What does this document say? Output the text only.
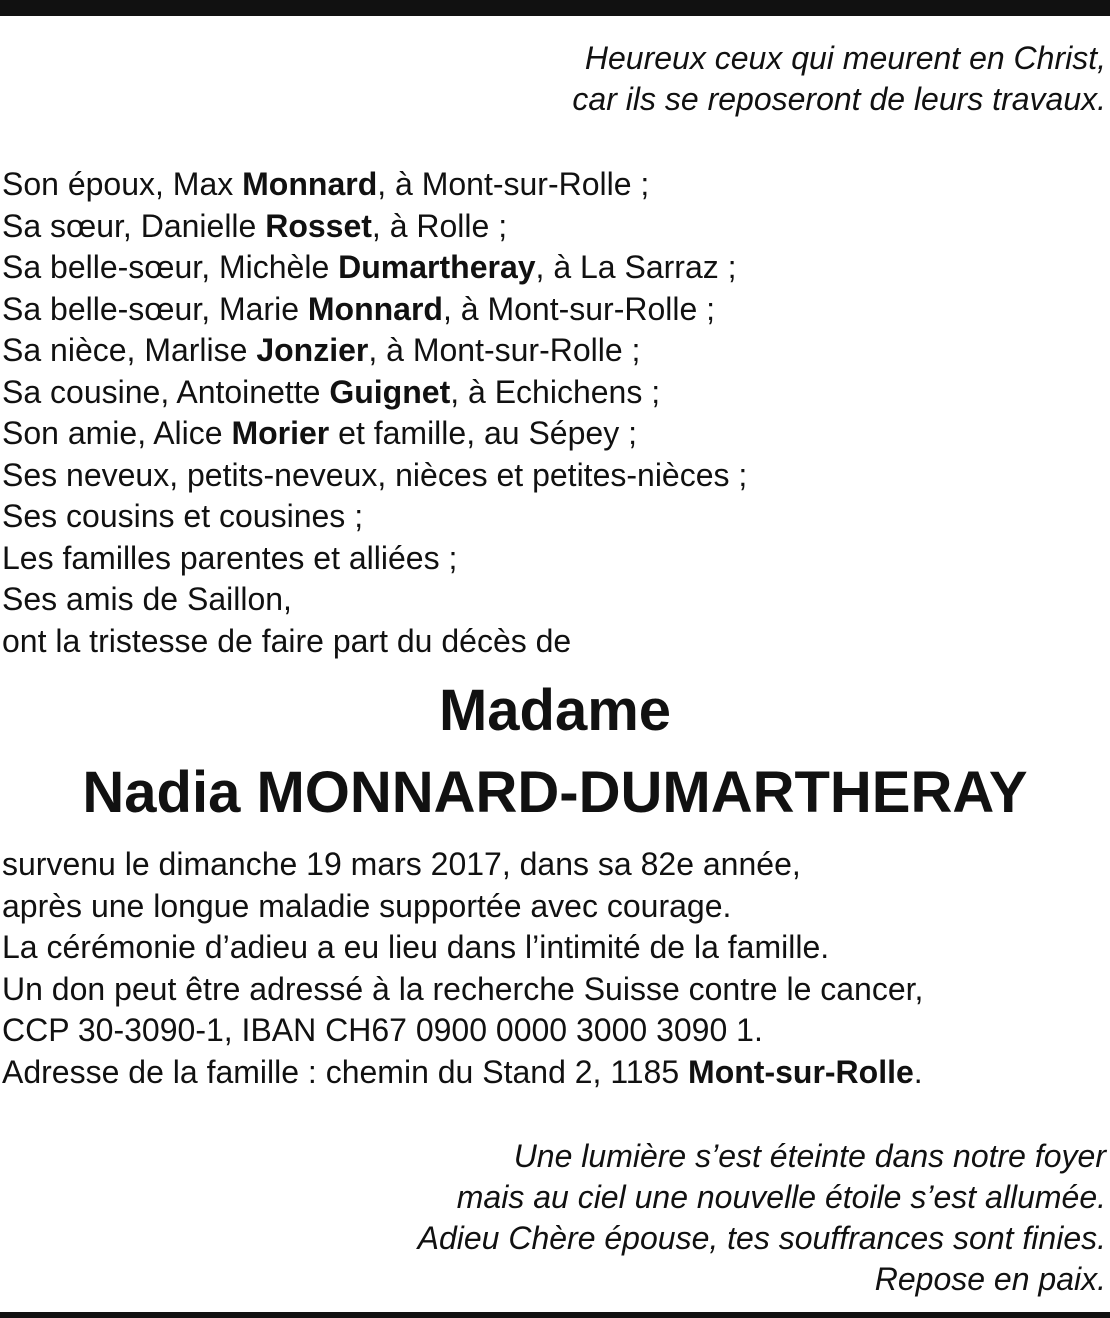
Heureux ceux qui meurent en Christ,
car ils se reposeront de leurs travaux.
Son époux, Max Monnard, à Mont-sur-Rolle ;
Sa sœur, Danielle Rosset, à Rolle ;
Sa belle-sœur, Michèle Dumartheray, à La Sarraz ;
Sa belle-sœur, Marie Monnard, à Mont-sur-Rolle ;
Sa nièce, Marlise Jonzier, à Mont-sur-Rolle ;
Sa cousine, Antoinette Guignet, à Echichens ;
Son amie, Alice Morier et famille, au Sépey ;
Ses neveux, petits-neveux, nièces et petites-nièces ;
Ses cousins et cousines ;
Les familles parentes et alliées ;
Ses amis de Saillon,
ont la tristesse de faire part du décès de
Madame
Nadia MONNARD-DUMARTHERAY
survenu le dimanche 19 mars 2017, dans sa 82e année,
après une longue maladie supportée avec courage.
La cérémonie d’adieu a eu lieu dans l’intimité de la famille.
Un don peut être adressé à la recherche Suisse contre le cancer,
CCP 30-3090-1, IBAN CH67 0900 0000 3000 3090 1.
Adresse de la famille : chemin du Stand 2, 1185 Mont-sur-Rolle.
Une lumière s’est éteinte dans notre foyer
mais au ciel une nouvelle étoile s’est allumée.
Adieu Chère épouse, tes souffrances sont finies.
Repose en paix.
